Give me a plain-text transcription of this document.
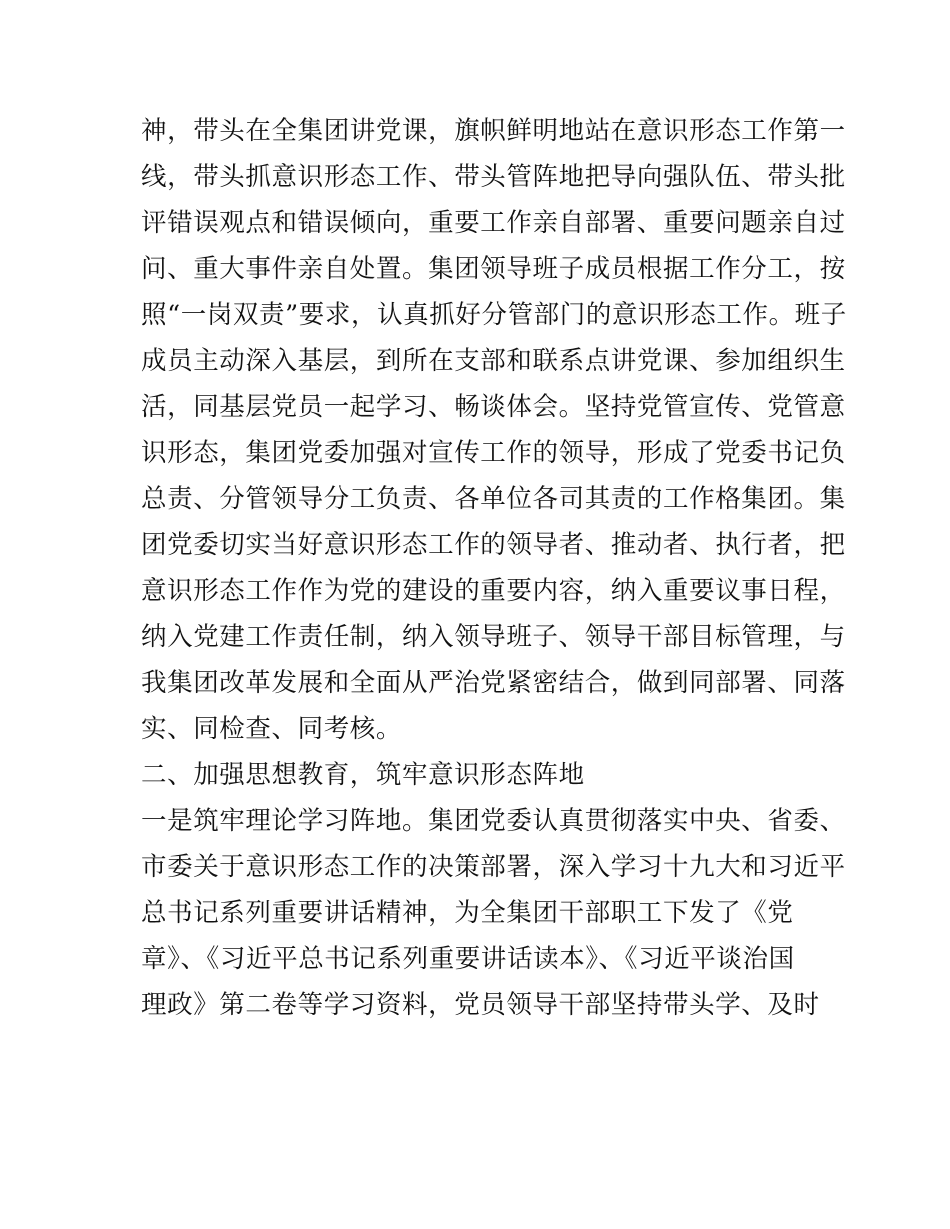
神，带头在全集团讲党课，旗帜鲜明地站在意识形态工作第一
线，带头抓意识形态工作、带头管阵地把导向强队伍、带头批
评错误观点和错误倾向，重要工作亲自部署、重要问题亲自过
问、重大事件亲自处置。集团领导班子成员根据工作分工，按
照“一岗双责”要求，认真抓好分管部门的意识形态工作。班子
成员主动深入基层，到所在支部和联系点讲党课、参加组织生
活，同基层党员一起学习、畅谈体会。坚持党管宣传、党管意
识形态，集团党委加强对宣传工作的领导，形成了党委书记负
总责、分管领导分工负责、各单位各司其责的工作格集团。集
团党委切实当好意识形态工作的领导者、推动者、执行者，把
意识形态工作作为党的建设的重要内容，纳入重要议事日程，
纳入党建工作责任制，纳入领导班子、领导干部目标管理，与
我集团改革发展和全面从严治党紧密结合，做到同部署、同落
实、同检查、同考核。
二、加强思想教育，筑牢意识形态阵地
一是筑牢理论学习阵地。集团党委认真贯彻落实中央、省委、
市委关于意识形态工作的决策部署，深入学习十九大和习近平
总书记系列重要讲话精神，为全集团干部职工下发了《党
章》、《习近平总书记系列重要讲话读本》、《习近平谈治国
理政》第二卷等学习资料，党员领导干部坚持带头学、及时
